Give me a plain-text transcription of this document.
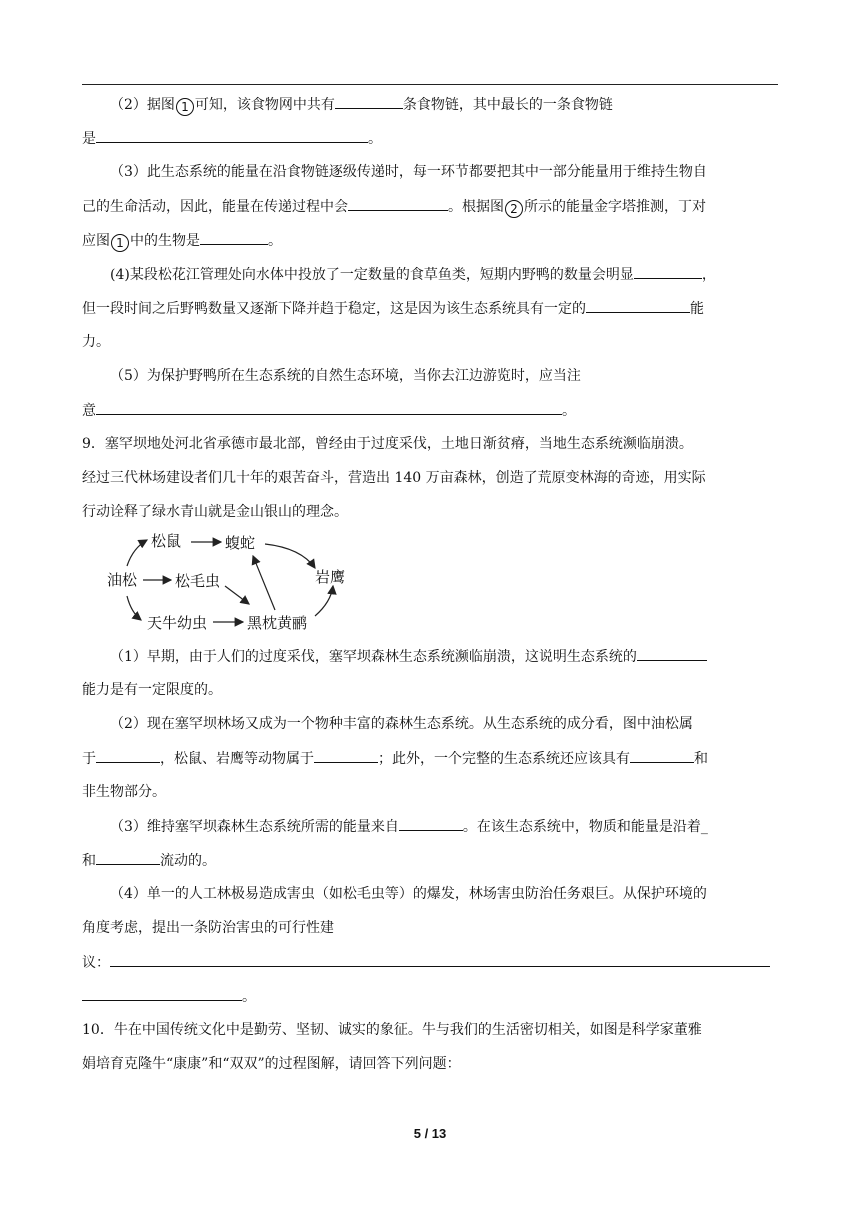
（2）据图 1 可知，该食物网中共有	条食物链，其中最长的一条食物链
是	。
（3）此生态系统的能量在沿食物链逐级传递时，每一环节都要把其中一部分能量用于维持生物自
己的生命活动，因此，能量在传递过程中会	。根据图 2 所示的能量金字塔推测，丁对
应图 1 中的生物是	。
(4)某段松花江管理处向水体中投放了一定数量的食草鱼类，短期内野鸭的数量会明显	，
但一段时间之后野鸭数量又逐渐下降并趋于稳定，这是因为该生态系统具有一定的	能
力。
（5）为保护野鸭所在生态系统的自然生态环境，当你去江边游览时，应当注
意	。
9．塞罕坝地处河北省承德市最北部，曾经由于过度采伐，土地日渐贫瘠，当地生态系统濒临崩溃。
经过三代林场建设者们几十年的艰苦奋斗，营造出 140 万亩森林，创造了荒原变林海的奇迹，用实际
行动诠释了绿水青山就是金山银山的理念。
松鼠	蝮蛇
岩鹰
油松	松毛虫
天牛幼虫	黑枕黄鹂
（1）早期，由于人们的过度采伐，塞罕坝森林生态系统濒临崩溃，这说明生态系统的
能力是有一定限度的。
（2）现在塞罕坝林场又成为一个物种丰富的森林生态系统。从生态系统的成分看，图中油松属
于	，松鼠、岩鹰等动物属于	；此外，一个完整的生态系统还应该具有	和
非生物部分。
（3）维持塞罕坝森林生态系统所需的能量来自	。在该生态系统中，物质和能量是沿着_
和	流动的。
（4）单一的人工林极易造成害虫（如松毛虫等）的爆发，林场害虫防治任务艰巨。从保护环境的
角度考虑，提出一条防治害虫的可行性建
议：
。
10．牛在中国传统文化中是勤劳、坚韧、诚实的象征。牛与我们的生活密切相关，如图是科学家董雅
娟培育克隆牛“康康”和“双双”的过程图解，请回答下列问题：
5 / 13
